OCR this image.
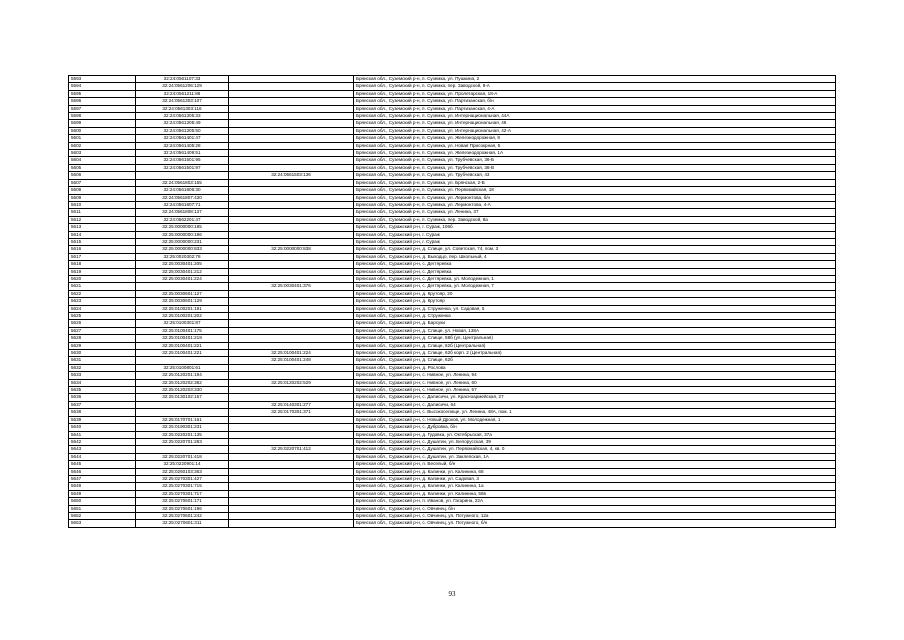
5593	32:24:0561107:33		Брянская обл., Суземский р-н, п. Суземка, ул. Пушкина, 2
5594	32:24:0561206:129		Брянская обл., Суземский р-н, п. Суземка, пер. Заводской, 8-А
5595	32:24:0561211:86		Брянская обл., Суземский р-н, п. Суземка, ул. Пролетарская, 18-А
5596	32:24:0561303:107		Брянская обл., Суземский р-н, п. Суземка, ул. Партизанская, б/н
5597	32:24:0561303:116		Брянская обл., Суземский р-н, п. Суземка, ул. Партизанская, 4-А
5598	32:24:0561305:33		Брянская обл., Суземский р-н, п. Суземка, ул. Интернациональная, 44А
5599	32:24:0561305:49		Брянская обл., Суземский р-н, п. Суземка, ул. Интернациональная, 46
5600	32:24:0561305:50		Брянская обл., Суземский р-н, п. Суземка, ул. Интернациональная, 42-А
5601	32:24:0561401:47		Брянская обл., Суземский р-н, п. Суземка, ул. Железнодорожная, 8
5602	32:24:0561405:28		Брянская обл., Суземский р-н, п. Суземка, ул. Новая Присокрная, 5
5603	32:24:0561409:51		Брянская обл., Суземский р-н, п. Суземка, ул. Железнодорожная, 1А
5604	32:24:0561501:95		Брянская обл., Суземский р-н, п. Суземка, ул. Трубчевская, 36-Б
5605	32:24:0561501:97		Брянская обл., Суземский р-н, п. Суземка, ул. Трубчевская, 36-В
5606		32:24:0561503:136	Брянская обл., Суземский р-н, п. Суземка, ул. Трубчевская, 43
5607	32:24:0561803:155		Брянская обл., Суземский р-н, п. Суземка, ул. Брянская, 2-Б
5608	32:24:0561806:30		Брянская обл., Суземский р-н, п. Суземка, ул. Первомайская, 18
5609	32:24:0561807:430		Брянская обл., Суземский р-н, п. Суземка, ул. Лермонтова, б/н
5610	32:24:0561807:71		Брянская обл., Суземский р-н, п. Суземка, ул. Лермонтова, 4-А
5611	32:24:0561808:137		Брянская обл., Суземский р-н, п. Суземка, ул. Ленина, 37
5612	32:24:0562201:47		Брянская обл., Суземский р-н, п. Суземка, пер. Заводской, 8а
5613	32:25:0000000:185		Брянская обл., Суражский р-н, г. Сураж, 106б
5614	32:25:0000000:186		Брянская обл., Суражский р-н, г. Сураж
5615	32:25:0000000:231		Брянская обл., Суражский р-н, г. Сураж
5616	32:25:0000000:833	32:25:0000000:838	Брянская обл., Суражский р-н, д. Слище, ул. Советская, 74, пом. 3
5617	32:25:0020302:78		Брянская обл., Суражский р-н, д. Выходцо, пер. Школьный, 4
5618	32:25:0030401:205		Брянская обл., Суражский р-н, с. Дегтяревка
5619	32:25:0030401:212		Брянская обл., Суражский р-н, с. Дегтяревка
5620	32:25:0030401:224		Брянская обл., Суражский р-н, с. Дегтяревка, ул. Молодежная, 1
5621		32:25:0030401:376	Брянская обл., Суражский р-н, с. Дегтяревка, ул. Молодежная, 7
5622	32:25:0030601:127		Брянская обл., Суражский р-н, д. Крутояр, 20
5623	32:25:0030601:129		Брянская обл., Суражский р-н, д. Крутояр
5624	32:25:0100201:191		Брянская обл., Суражский р-н, д. Струженка, ул. Садовая, 5
5625	32:25:0100201:202		Брянская обл., Суражский р-н, д. Струженка
5626	32:25:0100301:87		Брянская обл., Суражский р-н, д. Барсуки
5627	32:25:0100401:175		Брянская обл., Суражский р-н, д. Слище, ул. Новая, 138А
5628	32:25:0100401:219		Брянская обл., Суражский р-н, д. Слище, 58б (ул. Центральная)
5629	32:25:0100401:221		Брянская обл., Суражский р-н, д. Слище, 62б (Центральная)
5630	32:25:0100401:221	32:25:0100401:224	Брянская обл., Суражский р-н, д. Слище, 62б корп. 2 (Центральная)
5631		32:25:0100401:248	Брянская обл., Суражский р-н, д. Слище, 62б
5632	32:25:0100801:61		Брянская обл., Суражский р-н, д. Рослова
5633	32:25:0120201:194		Брянская обл., Суражский р-н, с. Нивное, ул. Ленина, 94
5634	32:25:0120202:382	32:25:0120202:529	Брянская обл., Суражский р-н, с. Нивное, ул. Ленина, 60
5635	32:25:0120203:330		Брянская обл., Суражский р-н, с. Нивное, ул. Ленина, 57
5636	32:25:0130102:157		Брянская обл., Суражский р-н, с. Далисичи, ул. Красноармейская, 27
5637		32:25:0140301:277	Брянская обл., Суражский р-н, с. Далисичи, 64
5638		32:25:0170301:371	Брянская обл., Суражский р-н, с. Высокоселище, ул. Ленина, 48А, пом. 1
5639	32:25:0170701:161		Брянская обл., Суражский р-н, с. Новый Дроков, ул. Молодежная, 1
5640	32:25:0190301:231		Брянская обл., Суражский р-н, с. Дубровка, б/н
5641	32:25:0220201:135		Брянская обл., Суражский р-н, д. Гудовка, ул. Октябрьская, 37а
5642	32:25:0220701:283		Брянская обл., Суражский р-н, с. Душатин, ул. Белорусская, 39
5643		32:25:0220701:412	Брянская обл., Суражский р-н, с. Душатин, ул. Первомайская, 4, кв. 0
5644	32:25:0220701:418		Брянская обл., Суражский р-н, с. Душатин, ул. Заклепская, 1А
5645	32:25:0220901:14		Брянская обл., Суражский р-н, п. Веселый, б/н
5646	32:25:0260103:363		Брянская обл., Суражский р-н, д. Калинки, ул. Калинина, 68
5647	32:25:0270301:427		Брянская обл., Суражский р-н, д. Калинки, ул. Садовая, 3
5648	32:25:0270301:715		Брянская обл., Суражский р-н, д. Калинки, ул. Калинина, 1а
5649	32:25:0270301:717		Брянская обл., Суражский р-н, д. Калинки, ул. Калинина, 56в
5650	32:25:0270601:171		Брянская обл., Суражский р-н, п. Иванов, ул. Гагарина, 22А
5651	32:25:0270601:196		Брянская обл., Суражский р-н, с. Овчинец, б/н
5652	32:25:0270601:242		Брянская обл., Суражский р-н, с. Овчинец, ул. Потужного, 12а
5653	32:25:0270601:311		Брянская обл., Суражский р-н, с. Овчинец, ул. Потужного, б/н
93
